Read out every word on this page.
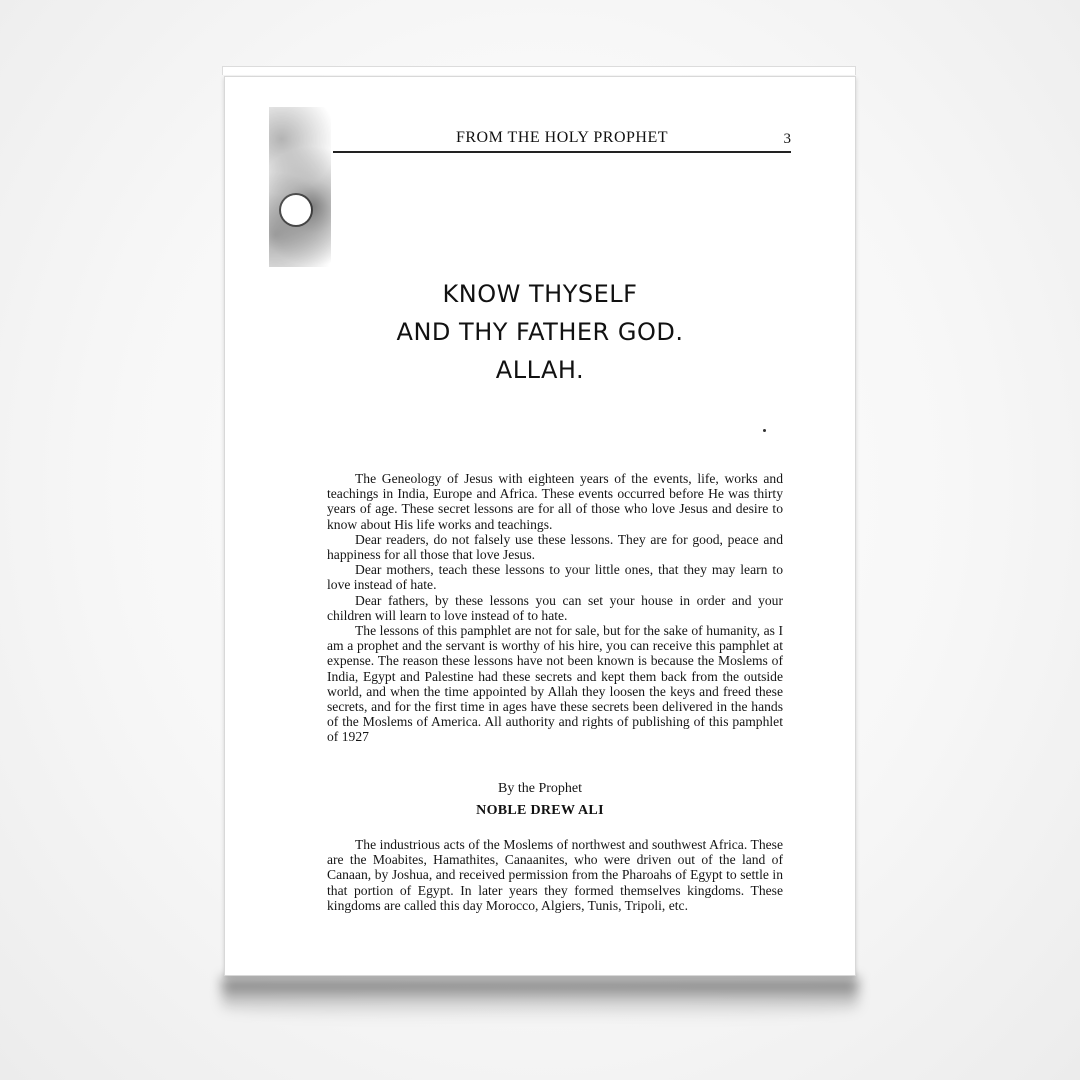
FROM THE HOLY PROPHET	3
KNOW THYSELF
AND THY FATHER GOD.
ALLAH.

The Geneology of Jesus with eighteen years of the events, life, works and teachings in India, Europe and Africa. These events occurred before He was thirty years of age. These secret lessons are for all of those who love Jesus and desire to know about His life works and teachings.

Dear readers, do not falsely use these lessons. They are for good, peace and happiness for all those that love Jesus.

Dear mothers, teach these lessons to your little ones, that they may learn to love instead of hate.

Dear fathers, by these lessons you can set your house in order and your children will learn to love instead of to hate.

The lessons of this pamphlet are not for sale, but for the sake of humanity, as I am a prophet and the servant is worthy of his hire, you can receive this pamphlet at expense. The reason these lessons have not been known is because the Moslems of India, Egypt and Palestine had these secrets and kept them back from the outside world, and when the time appointed by Allah they loosen the keys and freed these secrets, and for the first time in ages have these secrets been delivered in the hands of the Moslems of America. All authority and rights of publishing of this pamphlet of 1927

By the Prophet
NOBLE DREW ALI

The industrious acts of the Moslems of northwest and southwest Africa. These are the Moabites, Hamathites, Canaanites, who were driven out of the land of Canaan, by Joshua, and received permission from the Pharoahs of Egypt to settle in that portion of Egypt. In later years they formed themselves kingdoms. These kingdoms are called this day Morocco, Algiers, Tunis, Tripoli, etc.
